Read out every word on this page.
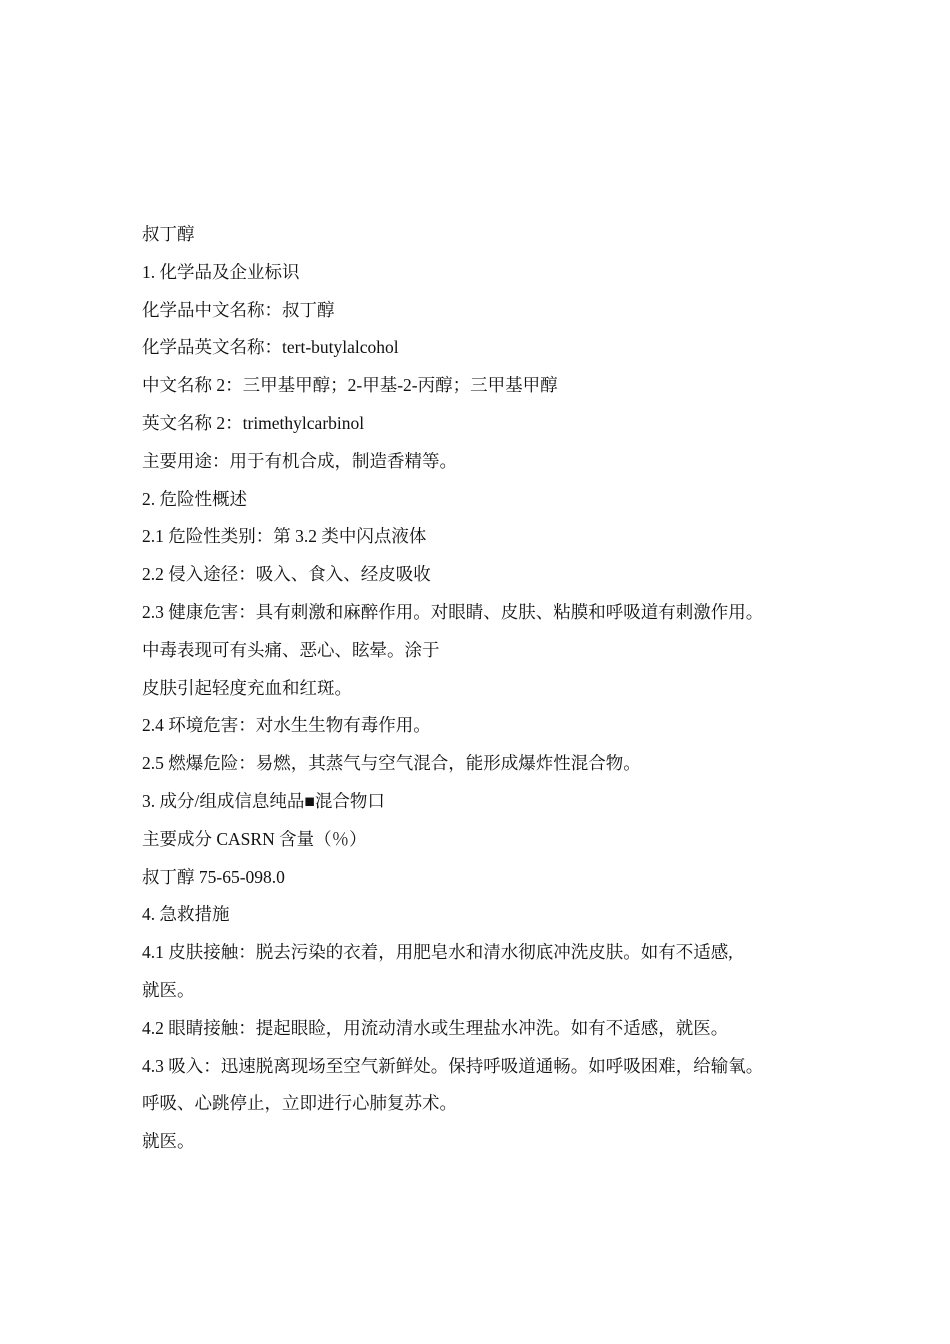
叔丁醇

1. 化学品及企业标识

化学品中文名称：叔丁醇

化学品英文名称：tert-butylalcohol

中文名称 2：三甲基甲醇；2-甲基-2-丙醇；三甲基甲醇

英文名称 2：trimethylcarbinol

主要用途：用于有机合成，制造香精等。

2. 危险性概述

2.1 危险性类别：第 3.2 类中闪点液体

2.2 侵入途径：吸入、食入、经皮吸收

2.3 健康危害：具有刺激和麻醉作用。对眼睛、皮肤、粘膜和呼吸道有刺激作用。

中毒表现可有头痛、恶心、眩晕。涂于

皮肤引起轻度充血和红斑。

2.4 环境危害：对水生生物有毒作用。

2.5 燃爆危险：易燃，其蒸气与空气混合，能形成爆炸性混合物。

3. 成分/组成信息纯品■混合物口

主要成分 CASRN 含量（％）

叔丁醇 75-65-098.0

4. 急救措施

4.1 皮肤接触：脱去污染的衣着，用肥皂水和清水彻底冲洗皮肤。如有不适感,

就医。

4.2 眼睛接触：提起眼睑，用流动清水或生理盐水冲洗。如有不适感，就医。

4.3 吸入：迅速脱离现场至空气新鲜处。保持呼吸道通畅。如呼吸困难，给输氧。

呼吸、心跳停止，立即进行心肺复苏术。

就医。
